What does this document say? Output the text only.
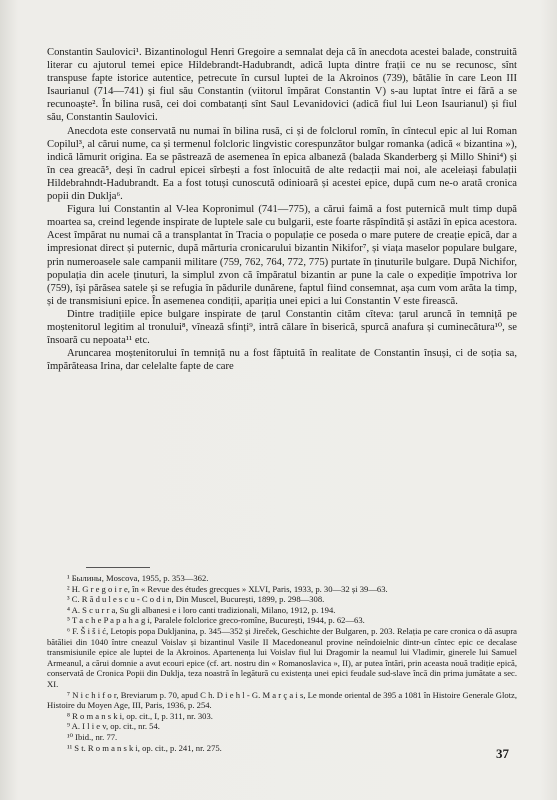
Constantin Saulovici¹. Bizantinologul Henri Gregoire a semnalat deja că în anecdota acestei balade, construită literar cu ajutorul temei epice Hildebrandt-Hadubrandt, adică lupta dintre frații ce nu se recunosc, sînt transpuse fapte istorice autentice, petrecute în cursul luptei de la Akroinos (739), bătălie în care Leon III Isaurianul (714—741) și fiul său Constantin (viitorul împărat Constantin V) s-au luptat între ei fără a se recunoaște². În bilina rusă, cei doi combatanți sînt Saul Levanidovici (adică fiul lui Leon Isaurianul) și fiul său, Constantin Saulovici.

Anecdota este conservată nu numai în bilina rusă, ci și de folclorul romîn, în cîntecul epic al lui Roman Copilul³, al cărui nume, ca și termenul folcloric lingvistic corespunzător bulgar romanka (adică « bizantina »), indică lămurit origina. Ea se păstrează de asemenea în epica albaneză (balada Skanderberg și Millo Shini⁴) și în cea greacă⁵, deși în cadrul epicei sîrbești a fost înlocuită de alte redacții mai noi, ale aceleiași fabulații Hildebrahndt-Hadubrandt. Ea a fost totuși cunoscută odinioară și acestei epice, după cum ne-o arată cronica popii din Duklja⁶.

Figura lui Constantin al V-lea Kopronimul (741—775), a cărui faimă a fost puternică mult timp după moartea sa, creind legende inspirate de luptele sale cu bulgarii, este foarte răspîndită și astăzi în epica acestora. Acest împărat nu numai că a transplantat în Tracia o populație ce poseda o mare putere de creație epică, dar a impresionat direct și puternic, după mărturia cronicarului bizantin Nikifor⁷, și viața maselor populare bulgare, prin numeroasele sale campanii militare (759, 762, 764, 772, 775) purtate în ținuturile bulgare. După Nichifor, populația din acele ținuturi, la simplul zvon că împăratul bizantin ar pune la cale o expediție împotriva lor (759), își părăsea satele și se refugia în pădurile dunărene, faptul fiind consemnat, așa cum vom arăta la timp, și de transmisiuni epice. În asemenea condiții, apariția unei epici a lui Constantin V este firească.

Dintre tradițiile epice bulgare inspirate de țarul Constantin cităm cîteva: țarul aruncă în temniță pe moștenitorul legitim al tronului⁸, vînează sfinți⁹, intră călare în biserică, spurcă anafura și cuminecătura¹⁰, se însoară cu nepoata¹¹ etc.

Aruncarea moștenitorului în temniță nu a fost făptuită în realitate de Constantin însuși, ci de soția sa, împărăteasa Irina, dar celelalte fapte de care

¹ Былины, Moscova, 1955, p. 353—362.

² H. G r e g o i r e, în « Revue des études grecques » XLVI, Paris, 1933, p. 30—32 și 39—63.

³ C. R ă d u l e s c u - C o d i n, Din Muscel, București, 1899, p. 298—308.

⁴ A. S c u r r a, Su gli albanesi e i loro canti tradizionali, Milano, 1912, p. 194.

⁵ T a c h e P a p a h a g i, Paralele folclorice greco-romîne, București, 1944, p. 62—63.

⁶ F. Š i š i ć, Letopis popa Dukljanina, p. 345—352 și Jireček, Geschichte der Bulgaren, p. 203. Relația pe care cronica o dă asupra bătăliei din 1040 între cneazul Voislav și bizantinul Vasile II Macedoneanul provine neîndoielnic dintr-un cîntec epic ce decalase transmisiunile epice ale luptei de la Akroinos. Apartenența lui Voislav fiul lui Dragomir la neamul lui Vladimir, ginerele lui Samuel Armeanul, a cărui domnie a avut ecouri epice (cf. art. nostru din « Romanoslavica », II), ar putea întări, prin aceasta nouă tradiție epică, conservată de Cronica Popii din Duklja, teza noastră în legătură cu existența unei epici feudale sud-slave încă din prima jumătate a sec. XI.

⁷ N i c h i f o r, Breviarum p. 70, apud C h. D i e h l - G. M a r ç a i s, Le monde oriental de 395 a 1081 în Histoire Generale Glotz, Histoire du Moyen Age, III, Paris, 1936, p. 254.

⁸ R o m a n s k i, op. cit., I, p. 311, nr. 303.

⁹ A. I l i e v, op. cit., nr. 54.

¹⁰ Ibid., nr. 77.

¹¹ S t. R o m a n s k i, op. cit., p. 241, nr. 275.	37
